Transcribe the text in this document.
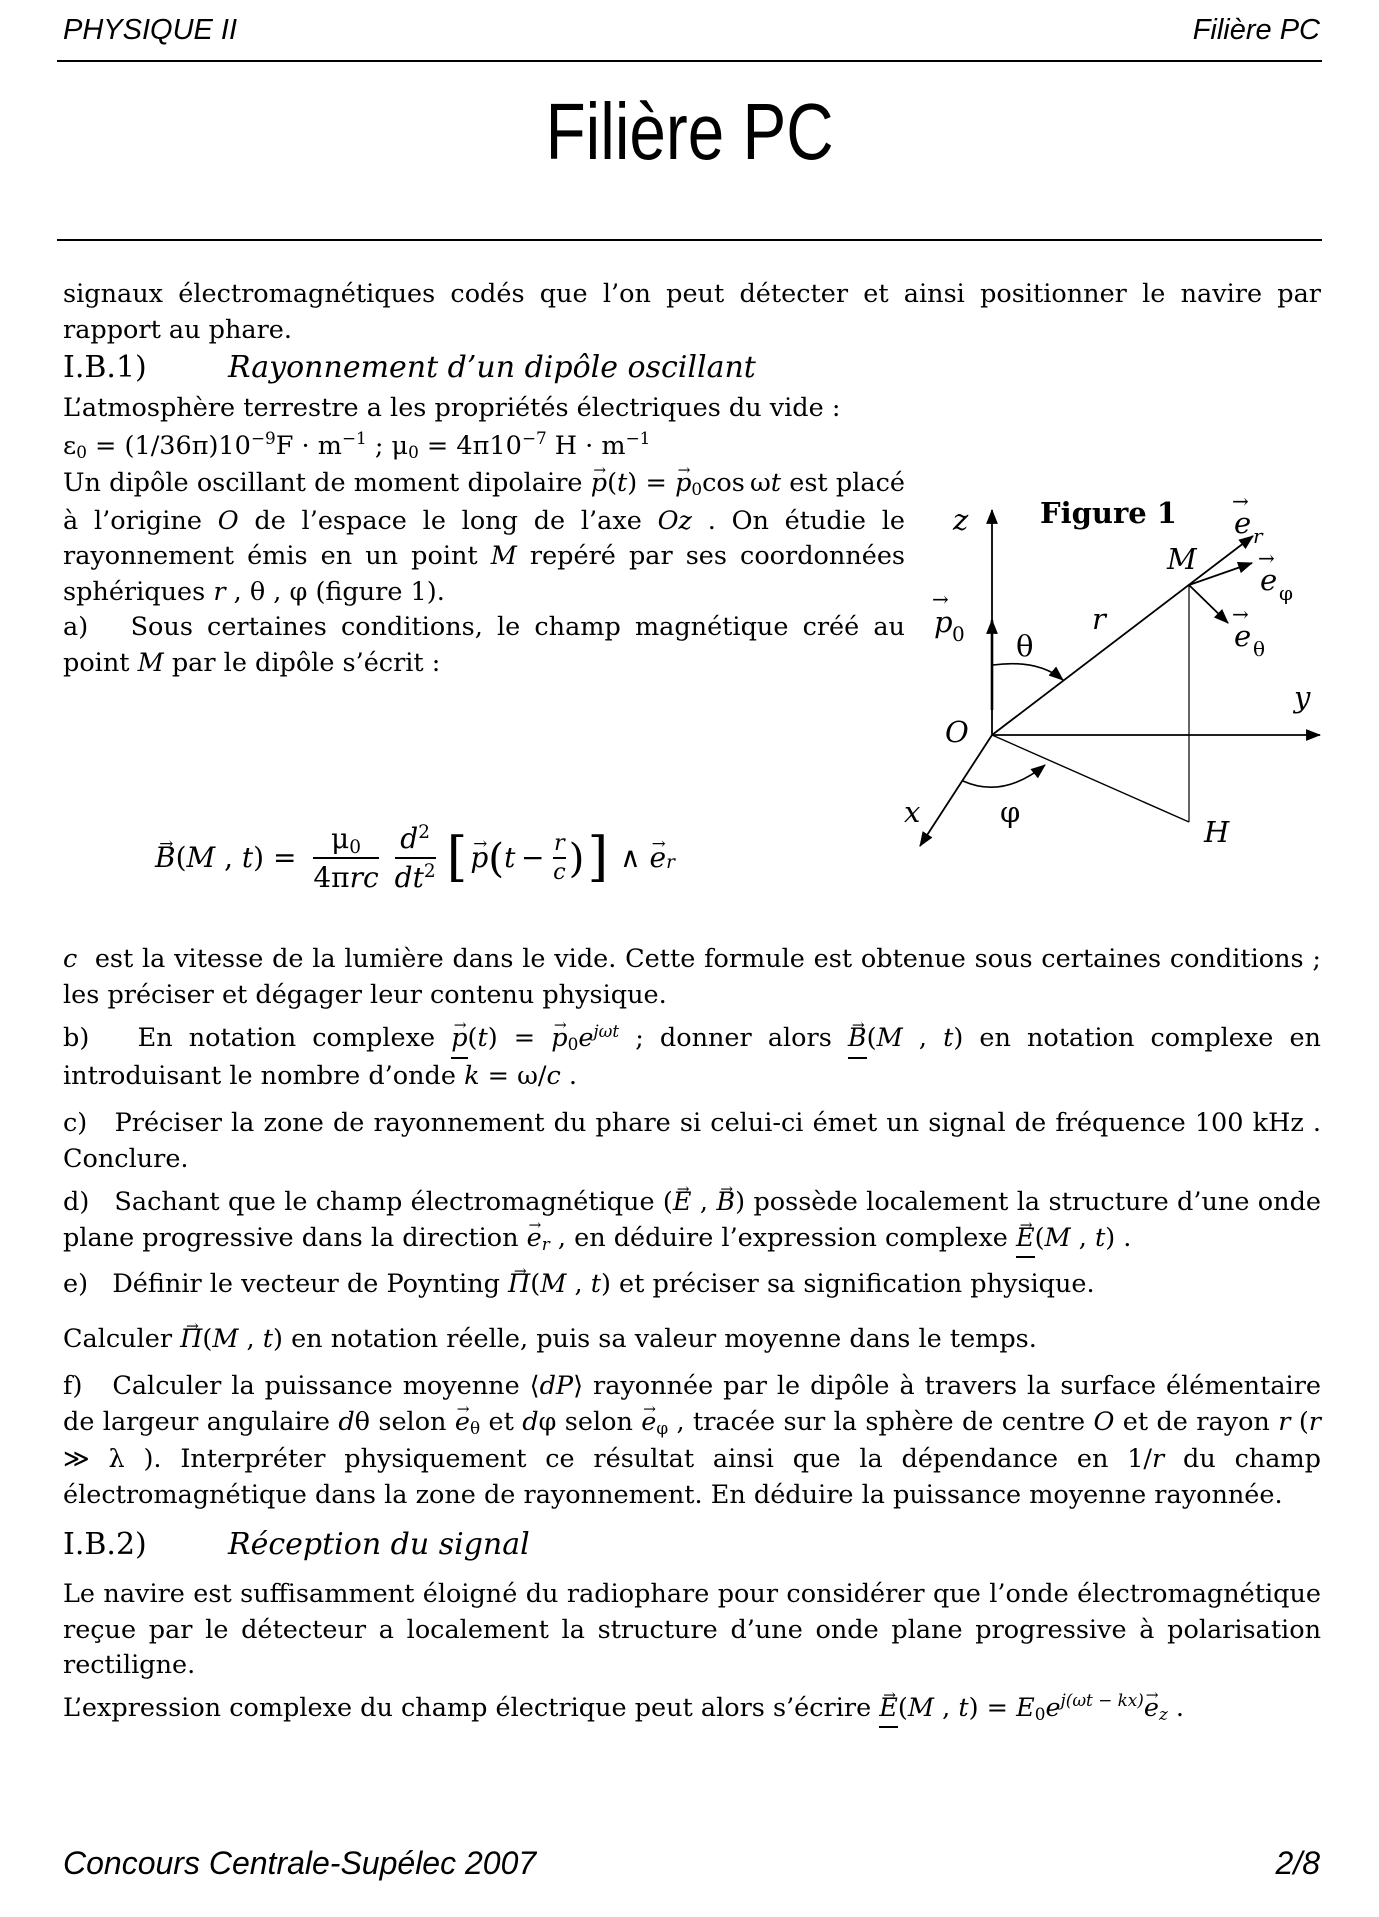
PHYSIQUE II	Filière PC
Filière PC

signaux électromagnétiques codés que l’on peut détecter et ainsi positionner le navire par rapport au phare.

I.B.1)	Rayonnement d’un dipôle oscillant

L’atmosphère terrestre a les propriétés électriques du vide :

$\varepsilon 0 = (1/36\pi)10^{-9}F \cdot m^{-1}$ ; $\mu 0 = 4\pi 10^{-7}$ $H \cdot m^{-1}$

Un dipôle oscillant de moment dipolaire → p(t) = → p0cos ωt est placé à l’origine O de l’espace le long de l’axe Oz . On étudie le rayonnement émis en un point M repéré par ses coordonnées sphériques r , θ , φ (figure 1).

a)   Sous certaines conditions, le champ magnétique créé au point M par le dipôle s’écrit :

→ B ( M , t ) = $\frac{\mu 0}{\text{4πrc}} \frac{d^2}{dt^2}$ [ → p ( $t - \frac{r}{c}$ ) ] ∧ → e r

c  est la vitesse de la lumière dans le vide. Cette formule est obtenue sous certaines conditions ; les préciser et dégager leur contenu physique.

b)   En notation complexe → p(t) = → $p0e^{j\omega t}$ ; donner alors → B(M , t) en notation complexe en introduisant le nombre d’onde k = ω/c .

c)   Préciser la zone de rayonnement du phare si celui-ci émet un signal de fréquence 100 kHz . Conclure.

d)   Sachant que le champ électromagnétique (→ E , → B) possède localement la structure d’une onde plane progressive dans la direction → er , en déduire l’expression complexe → E(M , t) .

e)   Définir le vecteur de Poynting → Π(M , t) et préciser sa signification physique.

Calculer → Π(M , t) en notation réelle, puis sa valeur moyenne dans le temps.

f)   Calculer la puissance moyenne ⟨dP⟩ rayonnée par le dipôle à travers la surface élémentaire de largeur angulaire dθ selon → eθ et dφ selon → eφ , tracée sur la sphère de centre O et de rayon r (r ≫ λ ). Interpréter physiquement ce résultat ainsi que la dépendance en 1/r du champ électromagnétique dans la zone de rayonnement. En déduire la puissance moyenne rayonnée.

I.B.2)	Réception du signal

Le navire est suffisamment éloigné du radiophare pour considérer que l’onde électromagnétique reçue par le détecteur a localement la structure d’une onde plane progressive à polarisation rectiligne.

L’expression complexe du champ électrique peut alors s’écrire → E(M , $t) = E0e^{j(\omega t - kx)}\to$ ez .

Figure 1
z
y
x
O
M
H
r
θ
φ
→
p 0
→
e r
→
e φ
→
e θ
Concours Centrale-Supélec 2007	2/8
